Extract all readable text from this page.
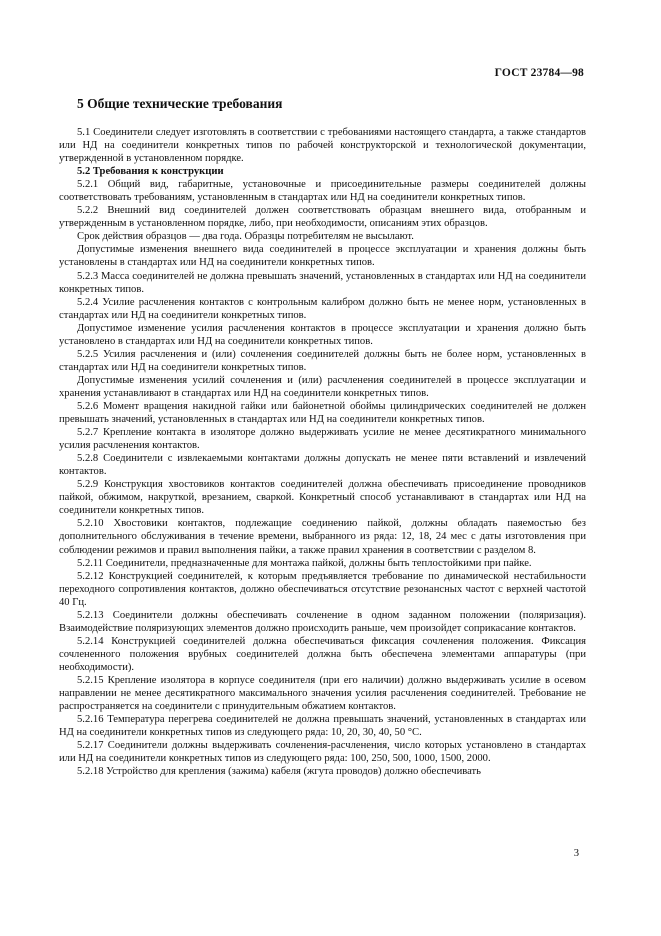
ГОСТ 23784—98
5 Общие технические требования

5.1 Соединители следует изготовлять в соответствии с требованиями настоящего стандарта, а также стандартов или НД на соединители конкретных типов по рабочей конструкторской и технологической документации, утвержденной в установленном порядке.

5.2 Требования к конструкции

5.2.1 Общий вид, габаритные, установочные и присоединительные размеры соединителей должны соответствовать требованиям, установленным в стандартах или НД на соединители конкретных типов.

5.2.2 Внешний вид соединителей должен соответствовать образцам внешнего вида, отобранным и утвержденным в установленном порядке, либо, при необходимости, описаниям этих образцов.

Срок действия образцов — два года. Образцы потребителям не высылают.

Допустимые изменения внешнего вида соединителей в процессе эксплуатации и хранения должны быть установлены в стандартах или НД на соединители конкретных типов.

5.2.3 Масса соединителей не должна превышать значений, установленных в стандартах или НД на соединители конкретных типов.

5.2.4 Усилие расчленения контактов с контрольным калибром должно быть не менее норм, установленных в стандартах или НД на соединители конкретных типов.

Допустимое изменение усилия расчленения контактов в процессе эксплуатации и хранения должно быть установлено в стандартах или НД на соединители конкретных типов.

5.2.5 Усилия расчленения и (или) сочленения соединителей должны быть не более норм, установленных в стандартах или НД на соединители конкретных типов.

Допустимые изменения усилий сочленения и (или) расчленения соединителей в процессе эксплуатации и хранения устанавливают в стандартах или НД на соединители конкретных типов.

5.2.6 Момент вращения накидной гайки или байонетной обоймы цилиндрических соединителей не должен превышать значений, установленных в стандартах или НД на соединители конкретных типов.

5.2.7 Крепление контакта в изоляторе должно выдерживать усилие не менее десятикратного минимального усилия расчленения контактов.

5.2.8 Соединители с извлекаемыми контактами должны допускать не менее пяти вставлений и извлечений контактов.

5.2.9 Конструкция хвостовиков контактов соединителей должна обеспечивать присоединение проводников пайкой, обжимом, накруткой, врезанием, сваркой. Конкретный способ устанавливают в стандартах или НД на соединители конкретных типов.

5.2.10 Хвостовики контактов, подлежащие соединению пайкой, должны обладать паяемостью без дополнительного обслуживания в течение времени, выбранного из ряда: 12, 18, 24 мес с даты изготовления при соблюдении режимов и правил выполнения пайки, а также правил хранения в соответствии с разделом 8.

5.2.11 Соединители, предназначенные для монтажа пайкой, должны быть теплостойкими при пайке.

5.2.12 Конструкцией соединителей, к которым предъявляется требование по динамической нестабильности переходного сопротивления контактов, должно обеспечиваться отсутствие резонансных частот с верхней частотой 40 Гц.

5.2.13 Соединители должны обеспечивать сочленение в одном заданном положении (поляризация). Взаимодействие поляризующих элементов должно происходить раньше, чем произойдет соприкасание контактов.

5.2.14 Конструкцией соединителей должна обеспечиваться фиксация сочленения положения. Фиксация сочлененного положения врубных соединителей должна быть обеспечена элементами аппаратуры (при необходимости).

5.2.15 Крепление изолятора в корпусе соединителя (при его наличии) должно выдерживать усилие в осевом направлении не менее десятикратного максимального значения усилия расчленения соединителей. Требование не распространяется на соединители с принудительным обжатием контактов.

5.2.16 Температура перегрева соединителей не должна превышать значений, установленных в стандартах или НД на соединители конкретных типов из следующего ряда: 10, 20, 30, 40, 50 °С.

5.2.17 Соединители должны выдерживать сочленения-расчленения, число которых установлено в стандартах или НД на соединители конкретных типов из следующего ряда: 100, 250, 500, 1000, 1500, 2000.

5.2.18 Устройство для крепления (зажима) кабеля (жгута проводов) должно обеспечивать

3
